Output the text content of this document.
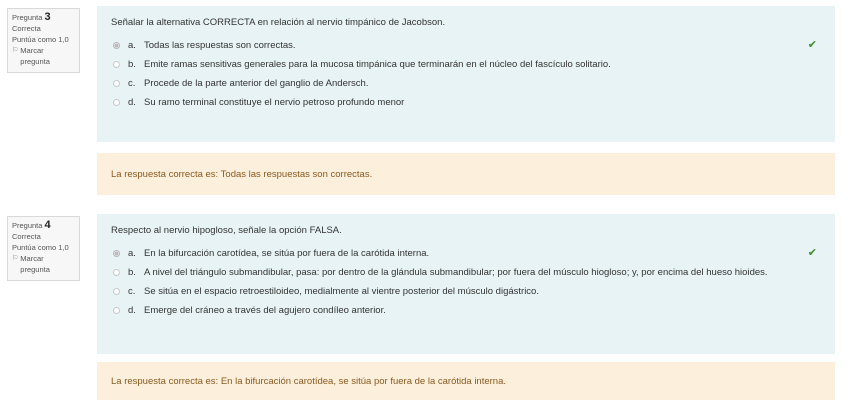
Pregunta 3
Correcta
Puntúa como 1,0
⚐ Marcar pregunta
Señalar la alternativa CORRECTA en relación al nervio timpánico de Jacobson.
a. Todas las respuestas son correctas.	✔
b. Emite ramas sensitivas generales para la mucosa timpánica que terminarán en el núcleo del fascículo solitario.
c. Procede de la parte anterior del ganglio de Andersch.
d. Su ramo terminal constituye el nervio petroso profundo menor
La respuesta correcta es: Todas las respuestas son correctas.
Pregunta 4
Correcta
Puntúa como 1,0
⚐ Marcar pregunta
Respecto al nervio hipogloso, señale la opción FALSA.
a. En la bifurcación carotídea, se sitúa por fuera de la carótida interna.	✔
b. A nivel del triángulo submandibular, pasa: por dentro de la glándula submandibular; por fuera del músculo hiogloso; y, por encima del hueso hioides.
c. Se sitúa en el espacio retroestiloideo, medialmente al vientre posterior del músculo digástrico.
d. Emerge del cráneo a través del agujero condíleo anterior.
La respuesta correcta es: En la bifurcación carotídea, se sitúa por fuera de la carótida interna.
